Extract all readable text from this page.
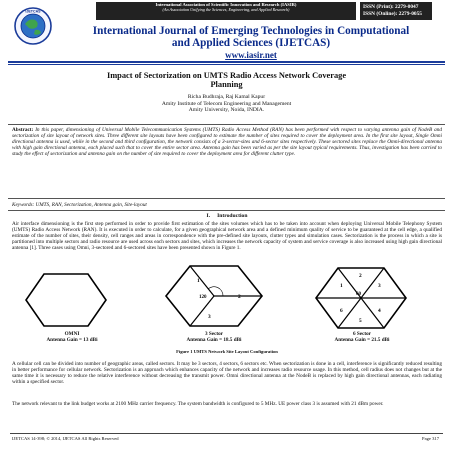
IJETCAS
International Association of Scientific Innovation and Research (IASIR)
(An Association Unifying the Sciences, Engineering, and Applied Research)	ISSN (Print): 2279-0047
ISSN (Online): 2279-0055
International Journal of Emerging Technologies in Computational
and Applied Sciences (IJETCAS)
www.iasir.net
Impact of Sectorization on UMTS Radio Access Network Coverage
Planning
Richa Budhraja, Raj Kamal Kapur
Amity Institute of Telecom Engineering and Management
Amity University, Noida, INDIA.
Abstract: In this paper, dimensioning of Universal Mobile Telecommunication Systems (UMTS) Radio Access Method (RAN) has been performed with respect to varying antenna gain of NodeB and sectorization of site layout of network sites. Three different site layouts have been configured to estimate the number of sites required to cover the deployment area. In the first site layout, Single Omni directional antenna is used, while in the second and third configuration, the network consists of a 3-sector-sites and 6-sector sites respectively. These sectored sites replace the Omni-directional antenna with high gain directional antenna, each placed such that to cover the entire sector area. Antenna gain has been varied as per the site layout typical requirements. Thus, investigation has been carried to study the effect of sectorization and antenna gain on the number of site required to cover the deployment area for different clutter type.
Keywords: UMTS, RAN, Sectorization, Antenna gain, Site-layout
I.     Introduction
Air interface dimensioning is the first step performed in order to provide first estimation of the sites volumes which has to be taken into account when deploying Universal Mobile Telephony System (UMTS) Radio Access Network (RAN). It is executed in order to calculate, for a given geographical network area and a defined minimum quality of service to be guaranteed at the cell edge, a qualified estimate of the number of sites, their density, cell ranges and areas in correspondence with the pre-defined site layouts, clutter types and simulation cases. Sectorization is the process in which a site is partitioned into multiple sectors and radio resource are used across each sectors and sites, which increases the network capacity of system and service coverage is also increased using high gain directional antenna [1]. Three cases using Omni, 3-sectored and 6-sectored sites have been presented shown in Figure 1.
120
1
2
3
60
1
2
3
4
5
6
OMNI
Antenna Gain = 13 dBi
3 Sector
Antenna Gain = 18.5 dBi
6 Sector
Antenna Gain = 21.5 dBi
Figure 1 UMTS Network Site Layout Configuration
A cellular cell can be divided into number of geographic areas, called sectors. It may be 3 sectors, 4 sectors, 6 sectors etc. When sectorization is done in a cell, interference is significantly reduced resulting in better performance for cellular network. Sectorization is an approach which enhances capacity of the network and increases radio resource usage. In this method, cell radius does not changes but at the same time it is necessary to reduce the relative interference without decreasing the transmit power. Omni directional antenna at the NodeB is replaced by high gain directional antennas, each radiating within a specified sector.
The network relevant to the link budget works at 2100 MHz carrier frequency. The system bandwidth is configured to 5 MHz. UE power class 3 is assumed with 21 dBm power.
IJETCAS 14-398; © 2014, IJETCAS All Rights Reserved	Page 317
